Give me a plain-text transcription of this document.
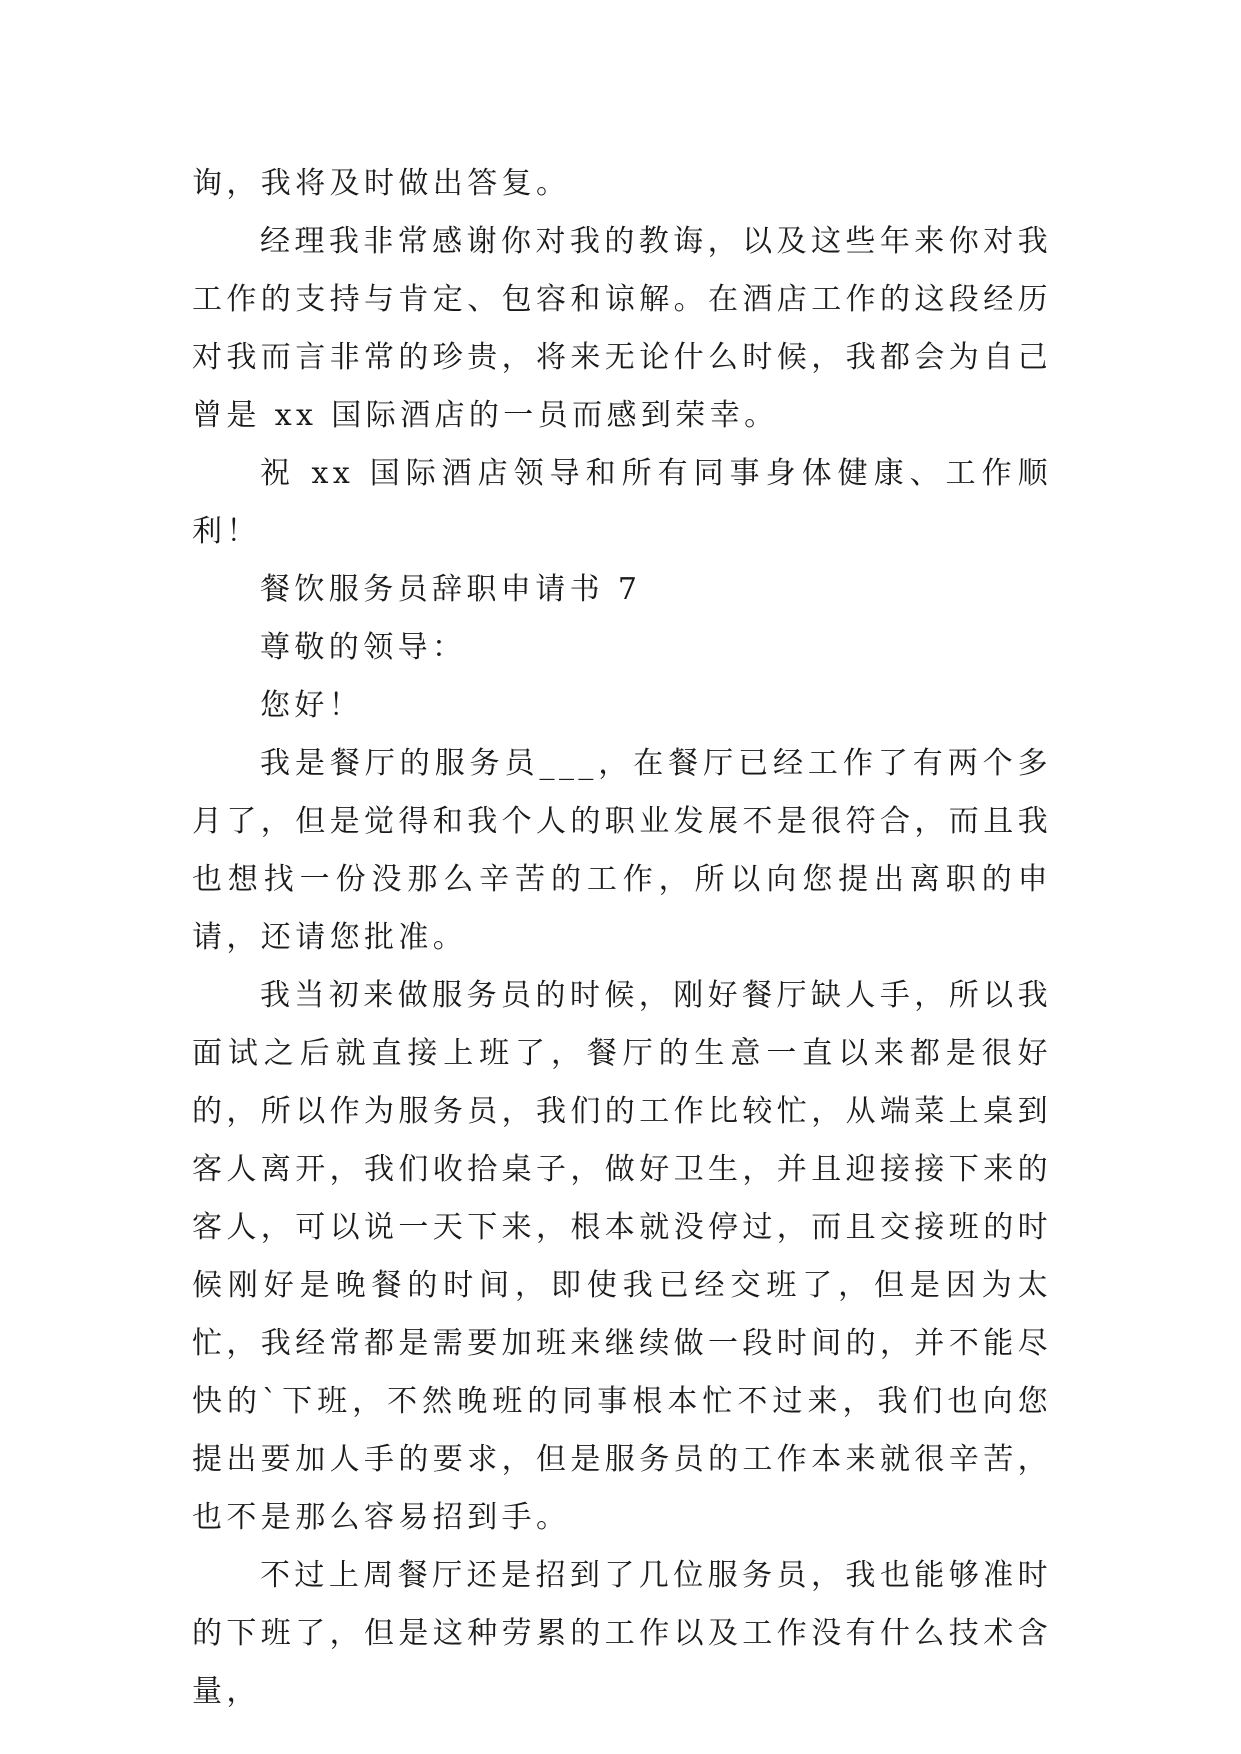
询，我将及时做出答复。

经理我非常感谢你对我的教诲，以及这些年来你对我工作的支持与肯定、包容和谅解。在酒店工作的这段经历对我而言非常的珍贵，将来无论什么时候，我都会为自己曾是 xx 国际酒店的一员而感到荣幸。

祝 xx 国际酒店领导和所有同事身体健康、工作顺利！

餐饮服务员辞职申请书 7

尊敬的领导：

您好！

我是餐厅的服务员___，在餐厅已经工作了有两个多月了，但是觉得和我个人的职业发展不是很符合，而且我也想找一份没那么辛苦的工作，所以向您提出离职的申请，还请您批准。

我当初来做服务员的时候，刚好餐厅缺人手，所以我面试之后就直接上班了，餐厅的生意一直以来都是很好的，所以作为服务员，我们的工作比较忙，从端菜上桌到客人离开，我们收拾桌子，做好卫生，并且迎接接下来的客人，可以说一天下来，根本就没停过，而且交接班的时候刚好是晚餐的时间，即使我已经交班了，但是因为太忙，我经常都是需要加班来继续做一段时间的，并不能尽快的`下班，不然晚班的同事根本忙不过来，我们也向您提出要加人手的要求，但是服务员的工作本来就很辛苦，也不是那么容易招到手。

不过上周餐厅还是招到了几位服务员，我也能够准时的下班了，但是这种劳累的工作以及工作没有什么技术含量，
